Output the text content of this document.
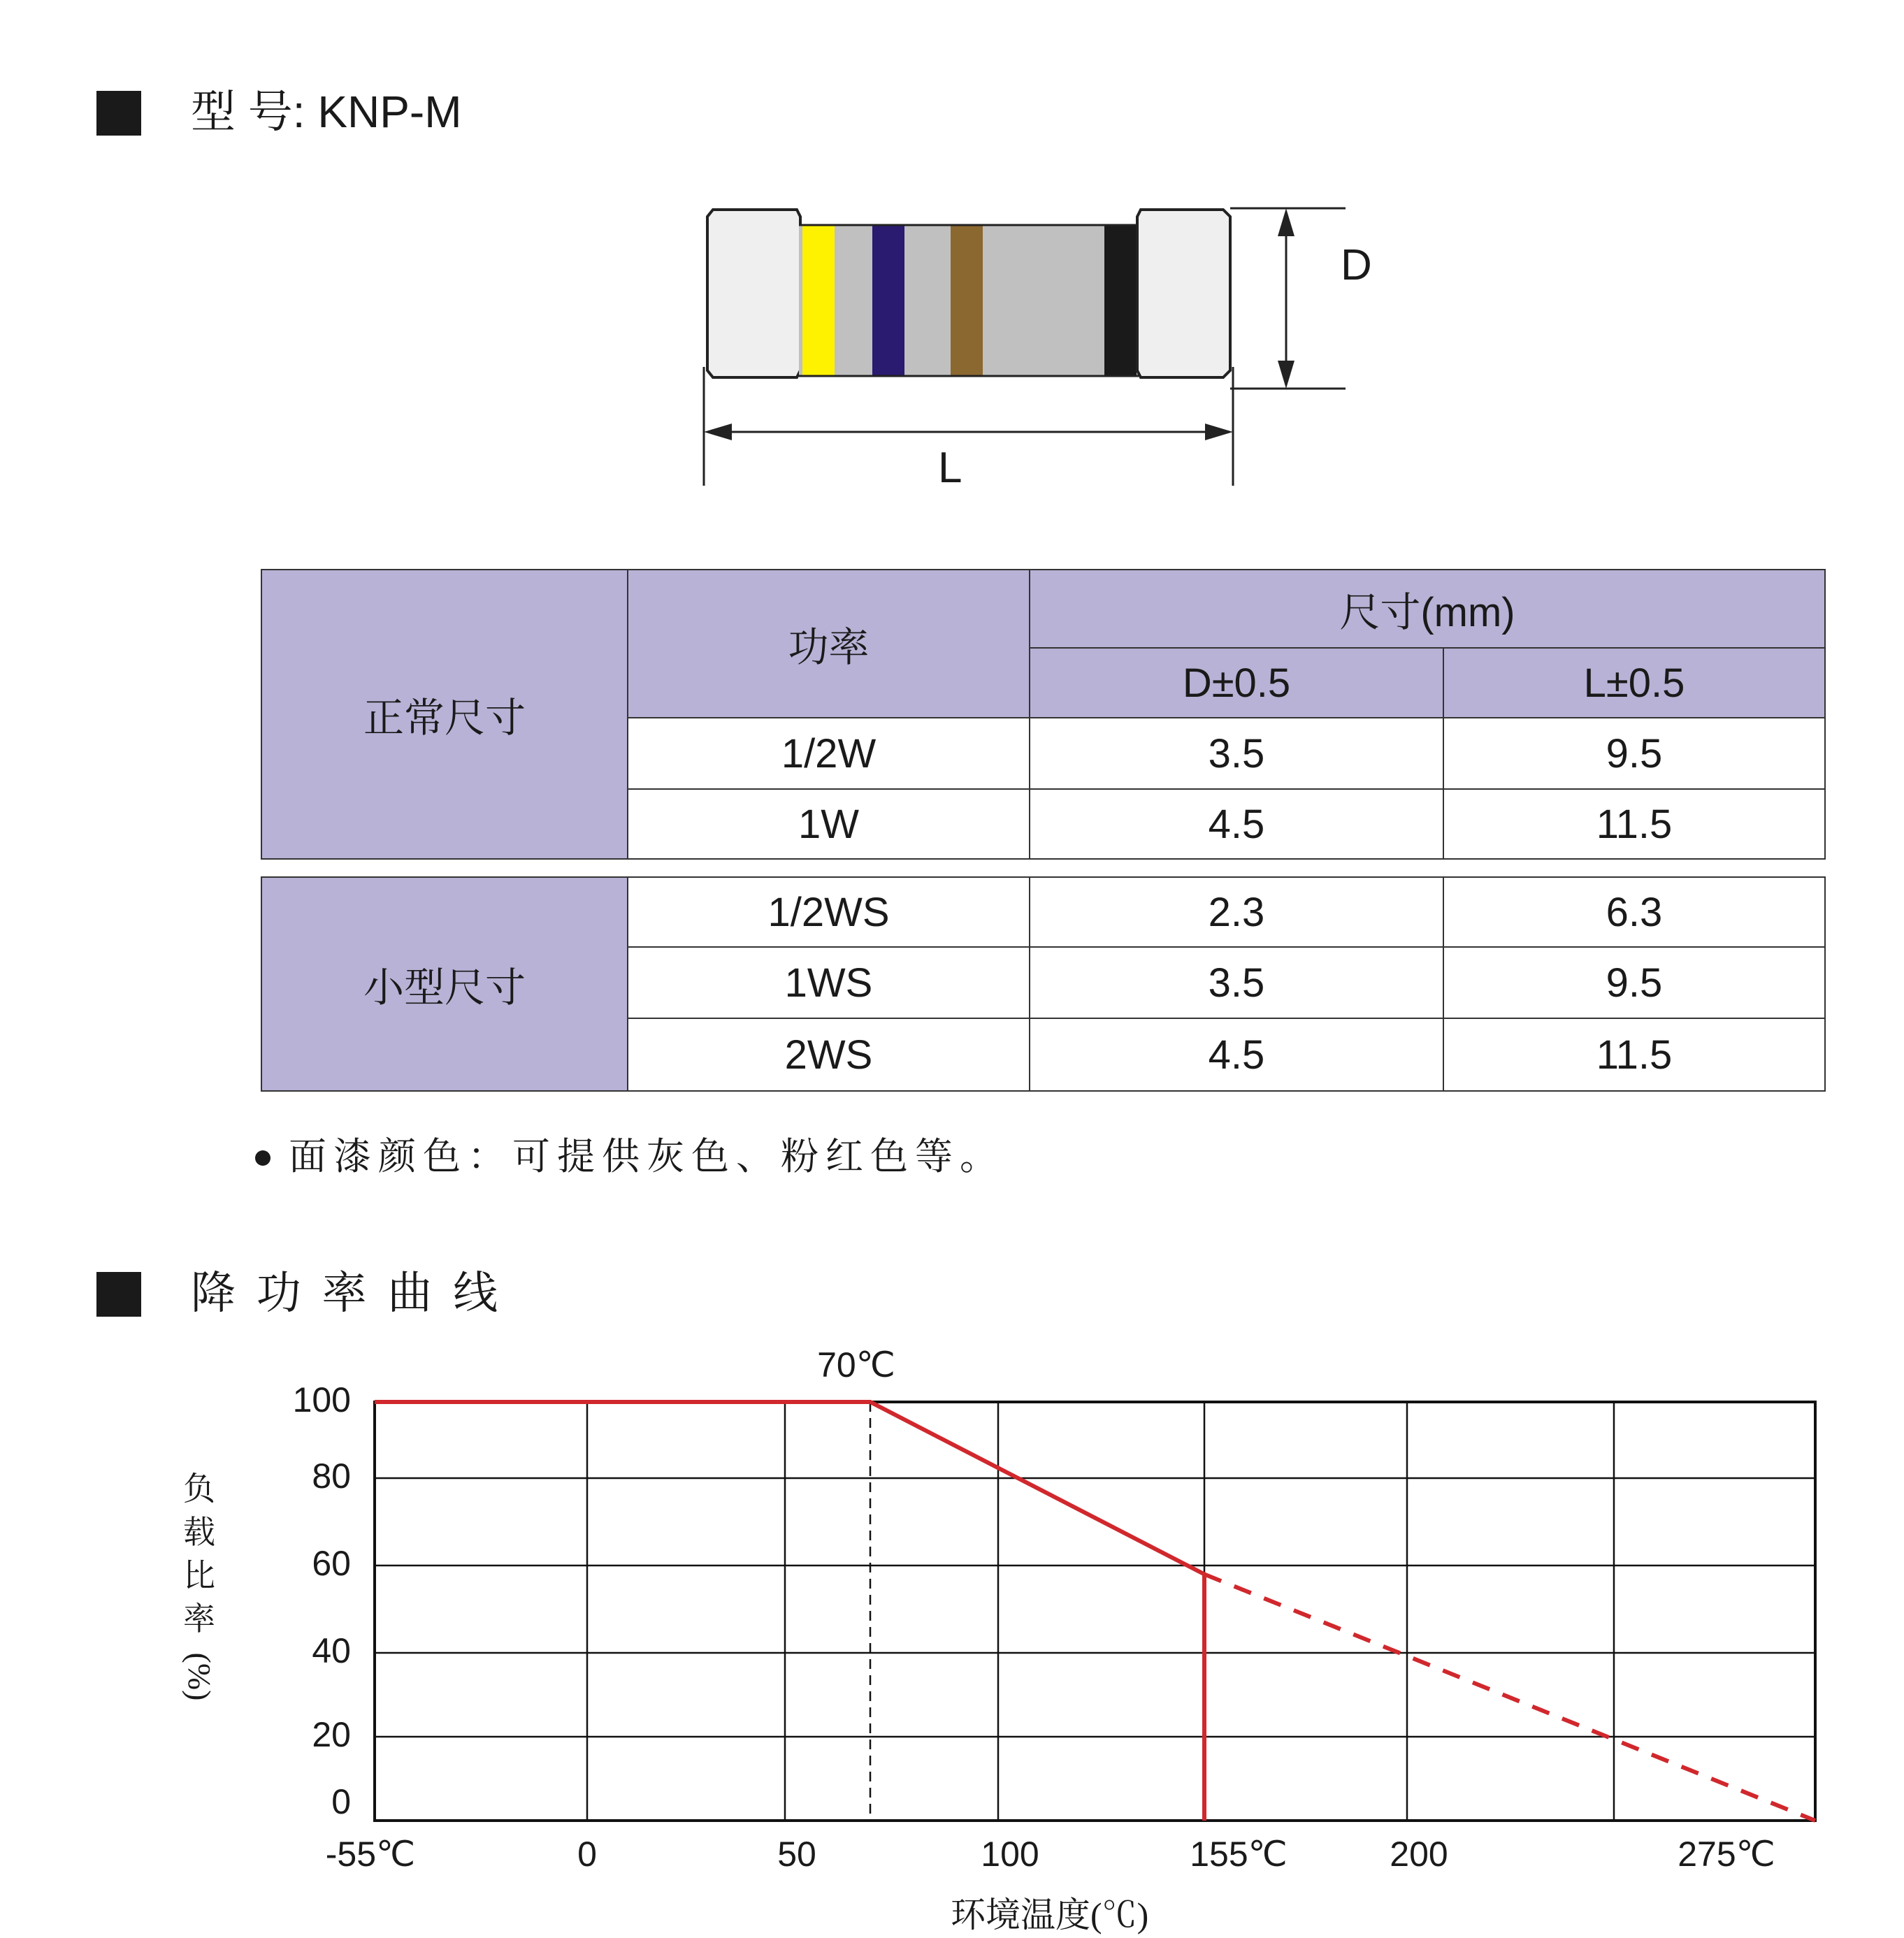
型 号: KNP-M
D
L
正常尺寸	功率	尺寸(mm)	
		D±0.5	L±0.5
	1/2W	3.5	9.5
	1W	4.5	11.5

小型尺寸	1/2WS	2.3	6.3
	1WS	3.5	9.5
	2WS	4.5	11.5
面漆颜色：可提供灰色、粉红色等。
降 功 率 曲 线
0
20
40
60
80
100
-55℃	0	50	100	155℃	200	275℃
70℃
负
载
比
率
(%)
环境温度(℃)
